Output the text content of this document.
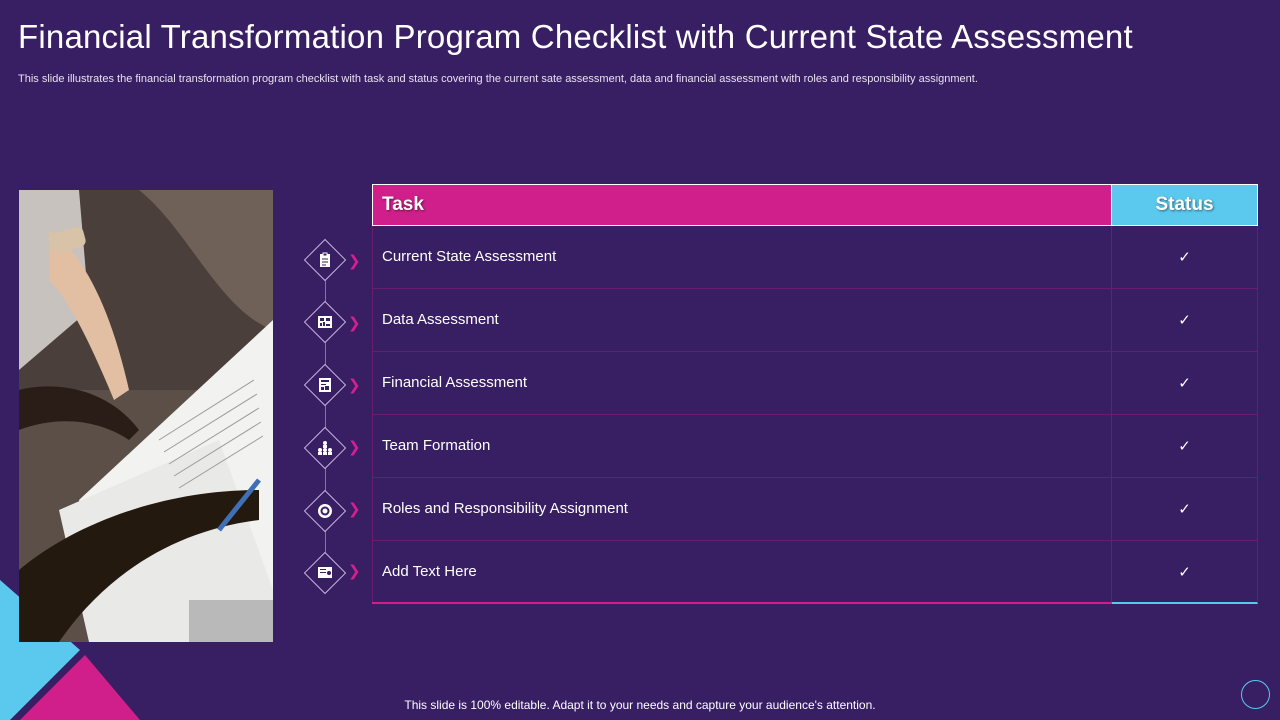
Financial Transformation Program Checklist with Current State Assessment

This slide illustrates the financial transformation program checklist with task and status covering the current sate assessment, data and financial assessment with roles and responsibility assignment.

❯
❯
❯
❯
❯
❯
Task	Status
Current State Assessment	✓
Data Assessment	✓
Financial Assessment	✓
Team Formation	✓
Roles and Responsibility Assignment	✓
Add Text Here	✓
This slide is 100% editable. Adapt it to your needs and capture your audience's attention.
